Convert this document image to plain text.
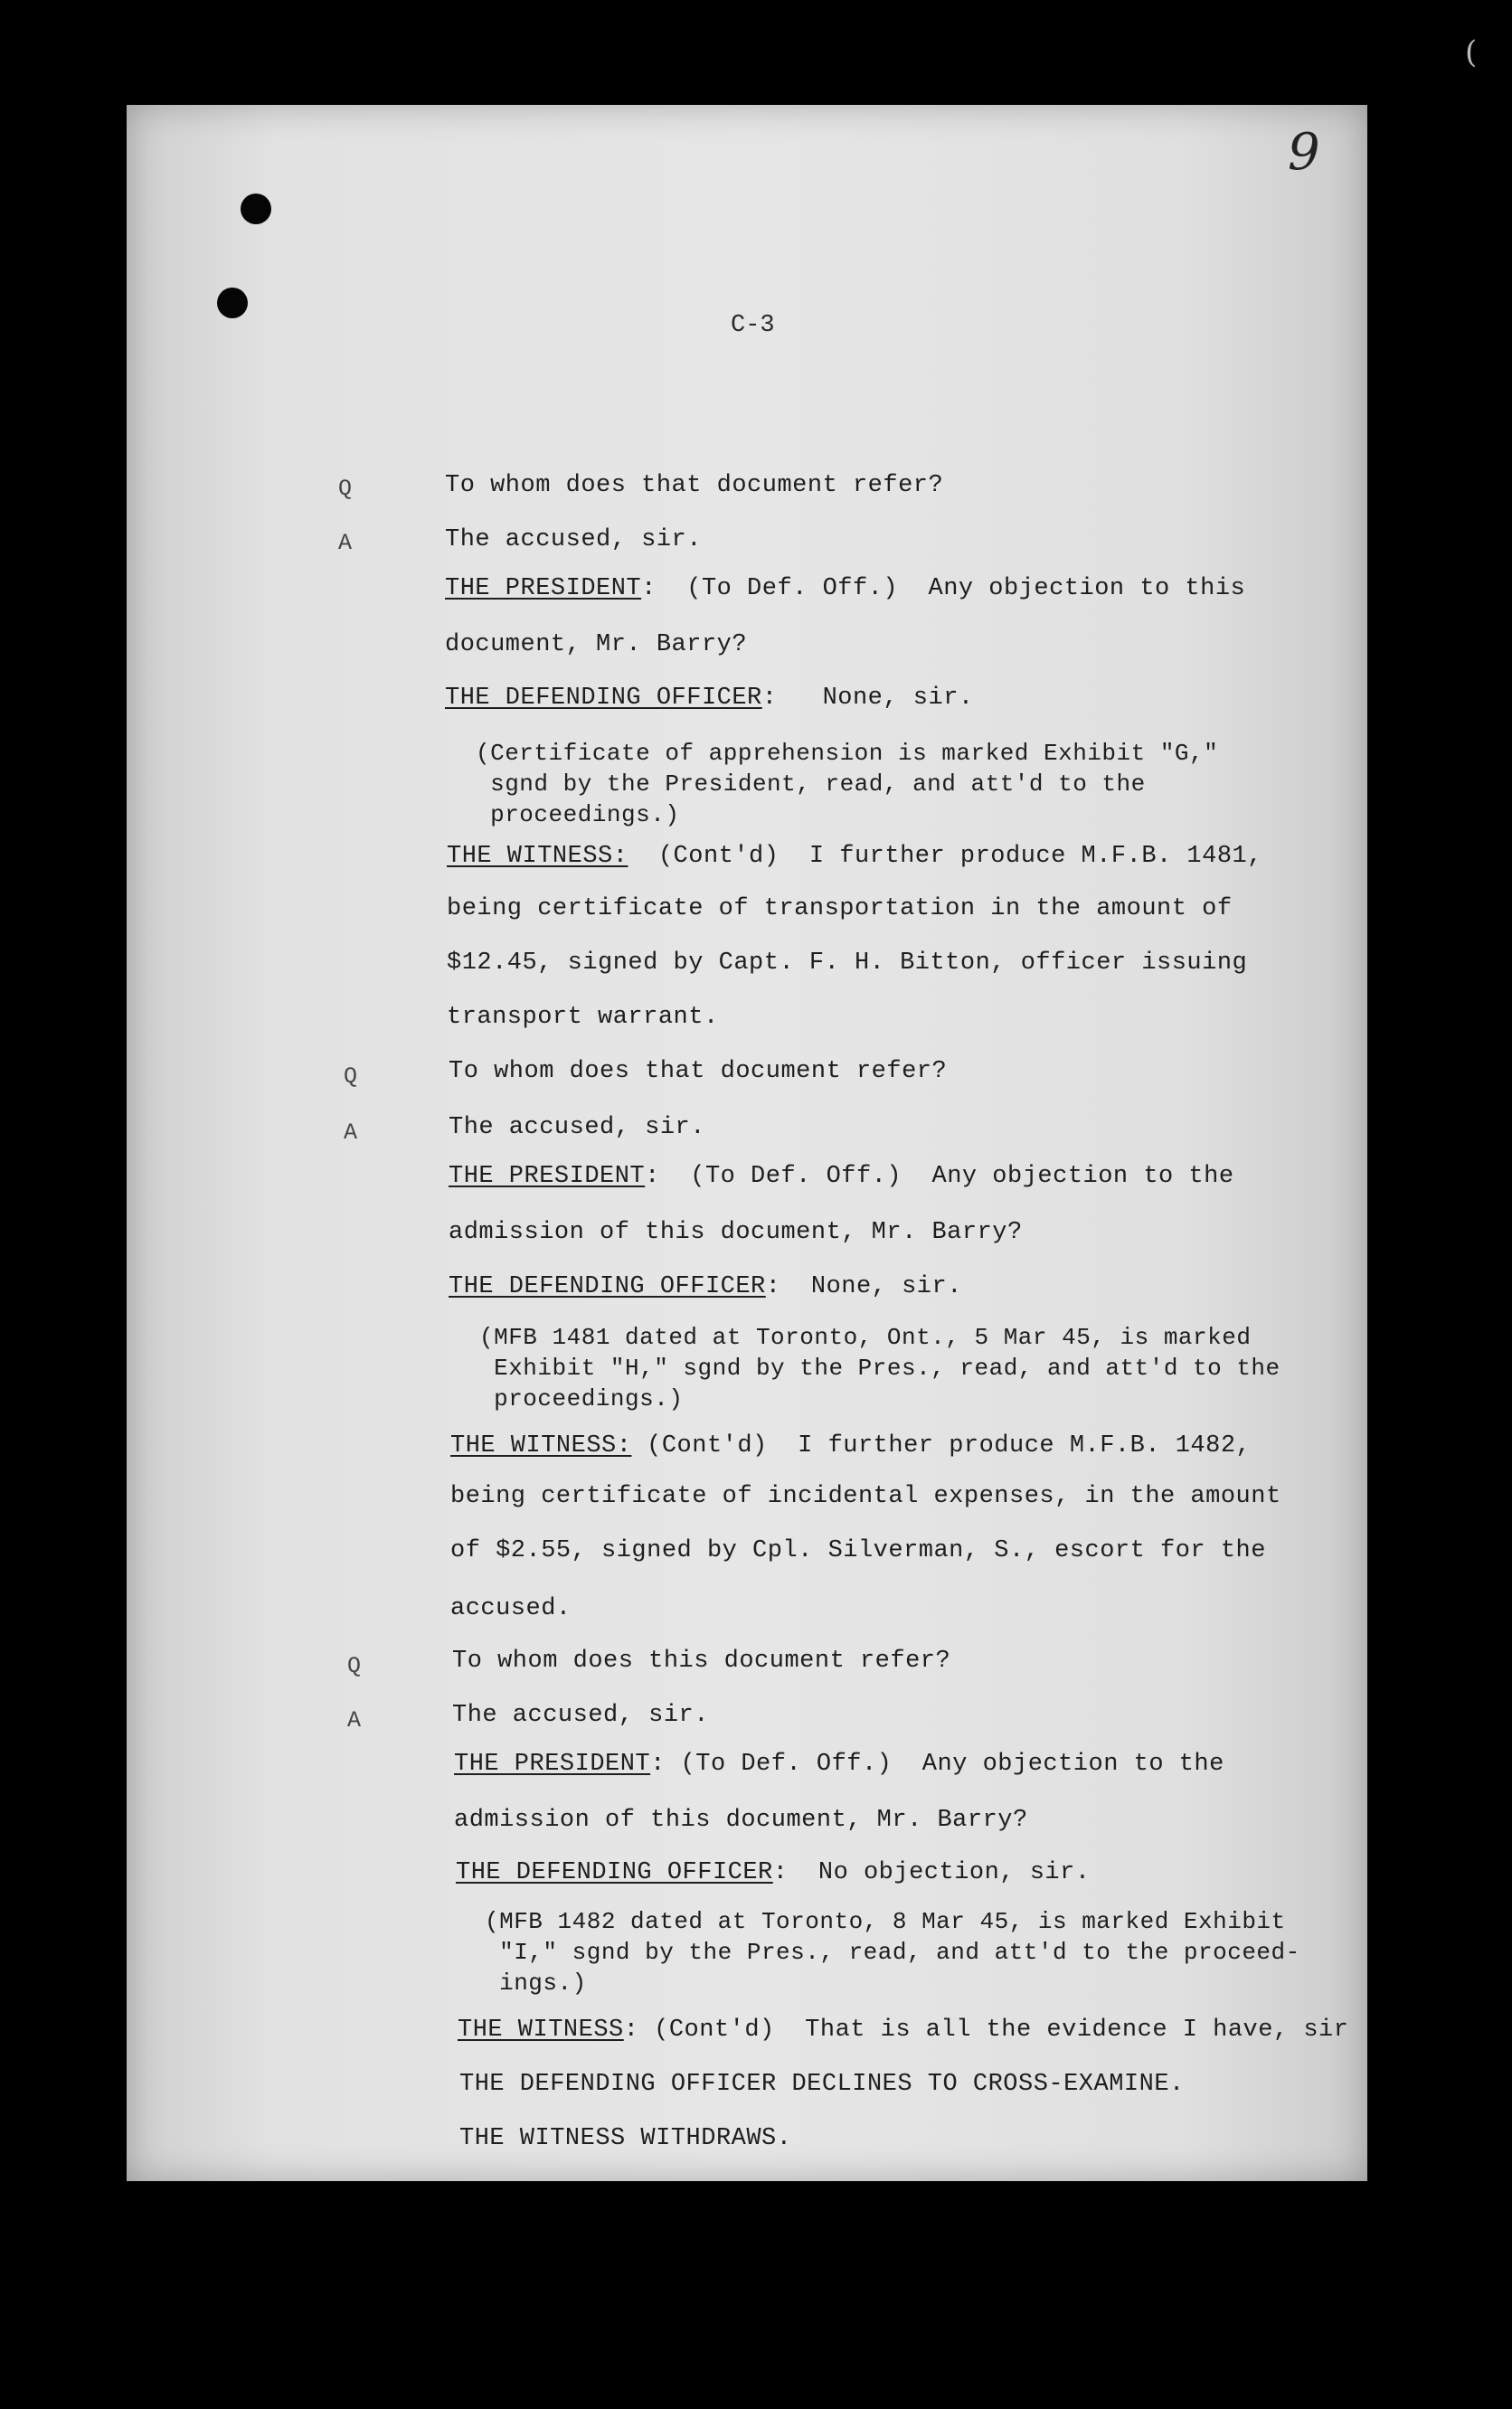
(
9
C-3
Q	To whom does that document refer?
A	The accused, sir.
THE PRESIDENT:  (To Def. Off.)  Any objection to this
document, Mr. Barry?
THE DEFENDING OFFICER:   None, sir.
(Certificate of apprehension is marked Exhibit "G,"
sgnd by the President, read, and att'd to the
proceedings.)
THE WITNESS:  (Cont'd)  I further produce M.F.B. 1481,
being certificate of transportation in the amount of
$12.45, signed by Capt. F. H. Bitton, officer issuing
transport warrant.
Q	To whom does that document refer?
A	The accused, sir.
THE PRESIDENT:  (To Def. Off.)  Any objection to the
admission of this document, Mr. Barry?
THE DEFENDING OFFICER:  None, sir.
(MFB 1481 dated at Toronto, Ont., 5 Mar 45, is marked
Exhibit "H," sgnd by the Pres., read, and att'd to the
proceedings.)
THE WITNESS: (Cont'd)  I further produce M.F.B. 1482,
being certificate of incidental expenses, in the amount
of $2.55, signed by Cpl. Silverman, S., escort for the
accused.
Q	To whom does this document refer?
A	The accused, sir.
THE PRESIDENT: (To Def. Off.)  Any objection to the
admission of this document, Mr. Barry?
THE DEFENDING OFFICER:  No objection, sir.
(MFB 1482 dated at Toronto, 8 Mar 45, is marked Exhibit
"I," sgnd by the Pres., read, and att'd to the proceed-
ings.)
THE WITNESS: (Cont'd)  That is all the evidence I have, sir
THE DEFENDING OFFICER DECLINES TO CROSS-EXAMINE.
THE WITNESS WITHDRAWS.
